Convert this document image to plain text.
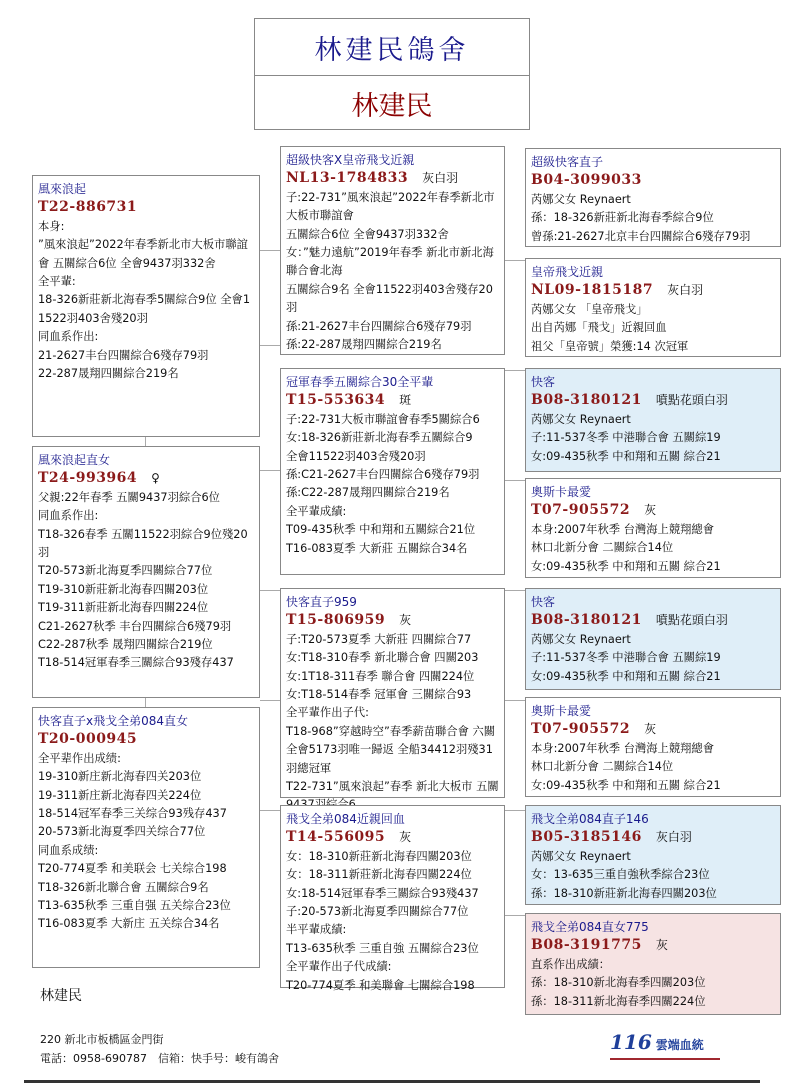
林建民鴿舍
林建民
風來浪起
T22-886731
本身:
”風來浪起”2022年春季新北市大板市聯誼會 五關綜合6位 全會9437羽332舍
全平輩:
18-326新莊新北海春季5關綜合9位 全會11522羽403舍殘20羽
同血系作出:
21-2627丰台四關綜合6殘存79羽
22-287晟翔四關綜合219名
風來浪起直女
T24-993964 ♀
父親:22年春季 五關9437羽綜合6位
同血系作出:
T18-326春季 五關11522羽綜合9位殘20羽
T20-573新北海夏季四關綜合77位
T19-310新莊新北海春四關203位
T19-311新莊新北海春四關224位
C21-2627秋季 丰台四關綜合6殘79羽
C22-287秋季 晟翔四關綜合219位
T18-514冠軍春季三關綜合93殘存437
快客直子x飛戈全弟084直女
T20-000945
全平辈作出成绩:
19-310新庄新北海春四关203位
19-311新庄新北海春四关224位
18-514冠军春季三关综合93残存437
20-573新北海夏季四关综合77位
同血系成绩:
T20-774夏季 和美联会 七关综合198
T18-326新北聯合會 五關綜合9名
T13-635秋季 三重自强 五关综合23位
T16-083夏季 大新庄 五关综合34名
超級快客X皇帝飛戈近親
NL13-1784833 灰白羽
子:22-731”風來浪起”2022年春季新北市大板市聯誼會
五關綜合6位 全會9437羽332舍
女：”魅力遠航”2019年春季 新北市新北海聯合會北海
五關綜合9名 全會11522羽403舍殘存20羽
孫:21-2627丰台四關綜合6殘存79羽
孫:22-287晟翔四關綜合219名
冠軍春季五關綜合30全平輩
T15-553634 斑
子:22-731大板市聯誼會春季5關綜合6
女:18-326新莊新北海春季五關綜合9
全會11522羽403舍殘20羽
孫:C21-2627丰台四關綜合6殘存79羽
孫:C22-287晟翔四關綜合219名
全平輩成績:
T09-435秋季 中和翔和五關綜合21位
T16-083夏季 大新莊 五關綜合34名
快客直子959
T15-806959 灰
子:T20-573夏季 大新莊 四關綜合77
女:T18-310春季 新北聯合會 四關203
女:1T18-311春季 聯合會 四關224位
女:T18-514春季 冠軍會 三關綜合93
全平輩作出子代:
T18-968”穿越時空”春季薪苗聯合會 六關全會5173羽唯一歸返 全船34412羽殘31羽總冠軍
T22-731”風來浪起”春季 新北大板市 五關
飛戈全弟084近親回血
T14-556095 灰
女：18-310新莊新北海春四關203位
女：18-311新莊新北海春四關224位
女:18-514冠軍春季三關綜合93殘437
子:20-573新北海夏季四關綜合77位
半平輩成績:
T13-635秋季 三重自強 五關綜合23位
全平輩作出子代成績:
T20-774夏季 和美聯會 七關綜合198
超級快客直子
B04-3099033
芮娜父女 Reynaert
孫：18-326新莊新北海春季綜合9位
曾孫:21-2627北京丰台四關綜合6殘存79羽
皇帝飛戈近親
NL09-1815187 灰白羽
芮娜父女 「皇帝飛戈」
出自芮娜「飛戈」近親回血
祖父「皇帝號」榮獲:14 次冠軍
快客
B08-3180121 噴點花頭白羽
芮娜父女 Reynaert
子:11-537冬季 中港聯合會 五關綜19
女:09-435秋季 中和翔和五關 綜合21
奧斯卡最愛
T07-905572 灰
本身:2007年秋季 台灣海上競翔總會
林口北新分會 二關綜合14位
女:09-435秋季 中和翔和五關 綜合21
快客
B08-3180121 噴點花頭白羽
芮娜父女 Reynaert
子:11-537冬季 中港聯合會 五關綜19
女:09-435秋季 中和翔和五關 綜合21
奧斯卡最愛
T07-905572 灰
本身:2007年秋季 台灣海上競翔總會
林口北新分會 二關綜合14位
女:09-435秋季 中和翔和五關 綜合21
飛戈全弟084直子146
B05-3185146 灰白羽
芮娜父女 Reynaert
女：13-635三重自強秋季綜合23位
孫：18-310新莊新北海春四關203位
飛戈全弟084直女775
B08-3191775 灰
直系作出成績：
孫：18-310新北海春季四關203位
孫：18-311新北海春季四關224位
林建民
220 新北市板橋區金門街
電話：0958-690787　信箱：快手号：峻有鴿舍
116 雲端血統
